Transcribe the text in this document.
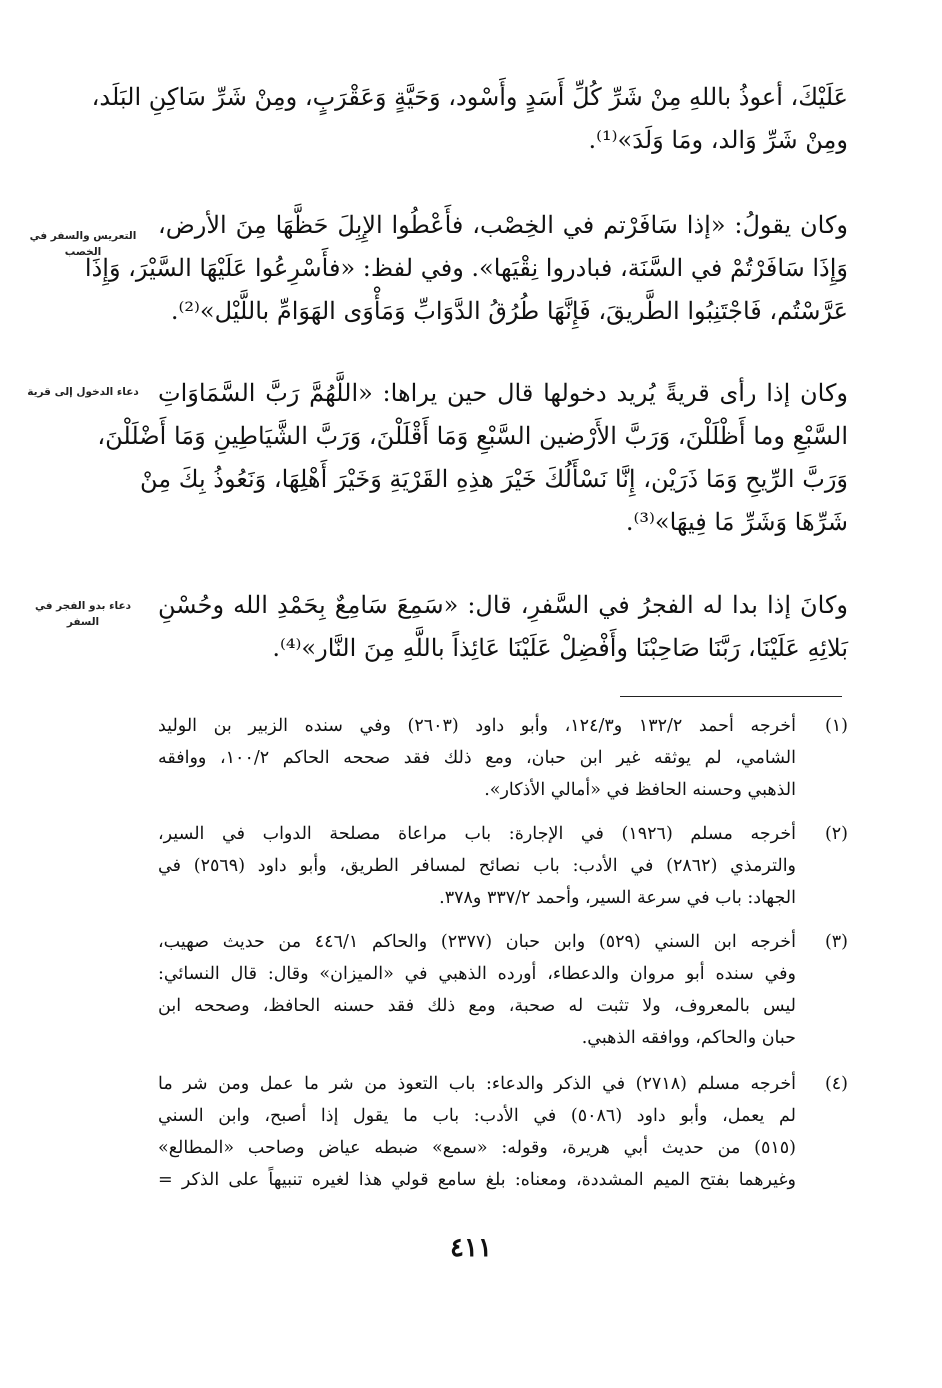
عَلَيْكَ، أعوذُ باللهِ مِنْ شَرِّ كُلِّ أَسَدٍ وأَسْود، وَحَيَّةٍ وَعَقْرَبٍ، ومِنْ شَرِّ سَاكِنِ البَلَد،
ومِنْ شَرِّ وَالد، ومَا وَلَدَ»⁽¹⁾.
التعريس والسفر في الخصب
وكان يقولُ: «إذا سَافَرْتم في الخِصْب، فأَعْطُوا الإِبِلَ حَظَّهَا مِنَ الأرض،
وَإِذَا سَافَرْتُمْ في السَّنَة، فبادروا نِقْيَها». وفي لفظ: «فأَسْرِعُوا عَلَيْهَا السَّيْرَ، وَإِذَا
عَرَّسْتُم، فَاجْتَنِبُوا الطَّريقَ، فَإِنَّهَا طُرُقُ الدَّوَابِّ وَمَأْوَى الهَوَامِّ باللَّيْل»⁽²⁾.
دعاء الدخول إلى قرية وكان إذا رأى قريةً يُريد دخولها قال حين يراها: «اللَّهُمَّ رَبَّ السَّمَاوَاتِ
السَّبْعِ وما أَظْلَلْنَ، وَرَبَّ الأَرْضين السَّبْعِ وَمَا أَقْلَلْنَ، وَرَبَّ الشَّيَاطِينِ وَمَا أَضْلَلْنَ،
وَرَبَّ الرِّيحِ وَمَا ذَرَيْن، إِنَّا نَسْأَلُكَ خَيْرَ هذِهِ القَرْيَةِ وَخَيْرَ أَهْلِهَا، وَنَعُوذُ بِكَ مِنْ
شَرِّهَا وَشَرِّ مَا فِيهَا»⁽³⁾.
دعاء بدو الفجر في السفر
وكانَ إذا بدا له الفجرُ في السَّفرِ، قال: «سَمِعَ سَامِعٌ بِحَمْدِ الله وحُسْنِ
بَلائِهِ عَلَيْنَا، رَبَّنَا صَاحِبْنَا وأَفْضِلْ عَلَيْنَا عَائِذاً باللَّهِ مِنَ النَّار»⁽⁴⁾.
(١)
أخرجه أحمد ١٣٢/٢ و١٢٤/٣، وأبو داود (٢٦٠٣) وفي سنده الزبير بن الوليد
الشامي، لم يوثقه غير ابن حبان، ومع ذلك فقد صححه الحاكم ١٠٠/٢، ووافقه
الذهبي وحسنه الحافظ في «أمالي الأذكار».
(٢)
أخرجه مسلم (١٩٢٦) في الإجارة: باب مراعاة مصلحة الدواب في السير،
والترمذي (٢٨٦٢) في الأدب: باب نصائح لمسافر الطريق، وأبو داود (٢٥٦٩) في
الجهاد: باب في سرعة السير، وأحمد ٣٣٧/٢ و٣٧٨.
(٣)
أخرجه ابن السني (٥٢٩) وابن حبان (٢٣٧٧) والحاكم ٤٤٦/١ من حديث صهيب،
وفي سنده أبو مروان والدعطاء، أورده الذهبي في «الميزان» وقال: قال النسائي:
ليس بالمعروف، ولا تثبت له صحبة، ومع ذلك فقد حسنه الحافظ، وصححه ابن
حبان والحاكم، ووافقه الذهبي.
(٤)
أخرجه مسلم (٢٧١٨) في الذكر والدعاء: باب التعوذ من شر ما عمل ومن شر ما
لم يعمل، وأبو داود (٥٠٨٦) في الأدب: باب ما يقول إذا أصبح، وابن السني
(٥١٥) من حديث أبي هريرة، وقوله: «سمع» ضبطه عياض وصاحب «المطالع»
وغيرهما بفتح الميم المشددة، ومعناه: بلغ سامع قولي هذا لغيره تنبيهاً على الذكر =
٤١١
